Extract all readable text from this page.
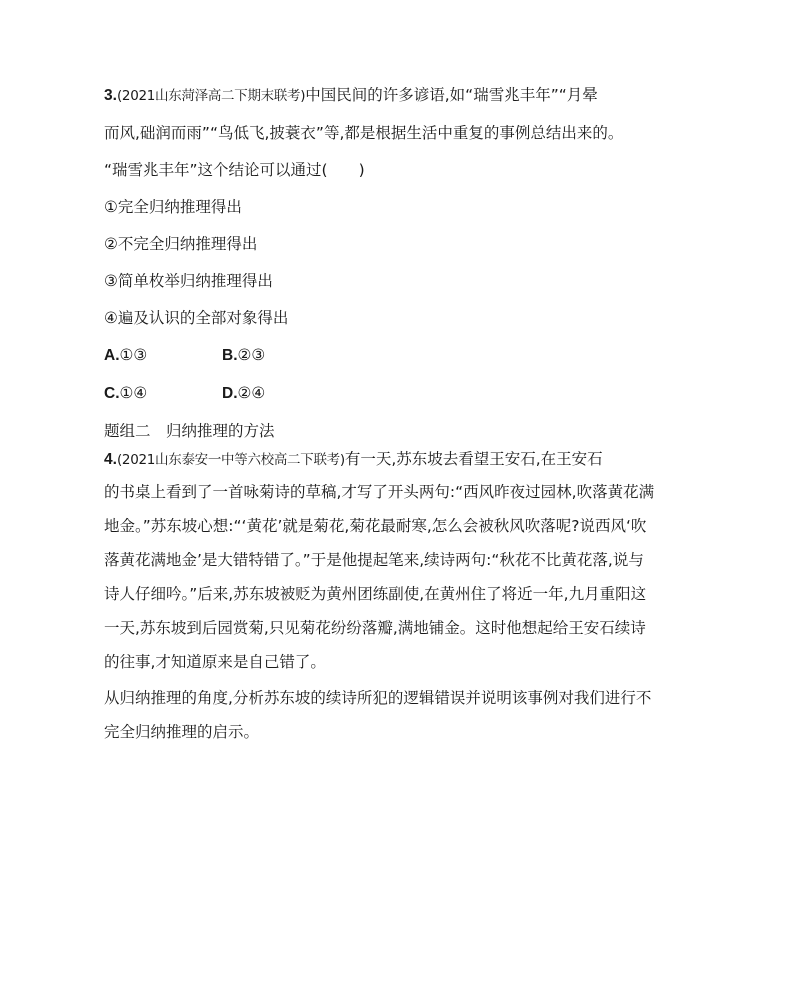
3.(2021山东菏泽高二下期末联考)中国民间的许多谚语,如“瑞雪兆丰年”“月晕

而风,础润而雨”“鸟低飞,披蓑衣”等,都是根据生活中重复的事例总结出来的。

“瑞雪兆丰年”这个结论可以通过(　　)

①完全归纳推理得出

②不完全归纳推理得出

③简单枚举归纳推理得出

④遍及认识的全部对象得出

A.①③	B.②③

C.①④	D.②④

题组二　归纳推理的方法

4.(2021山东泰安一中等六校高二下联考)有一天,苏东坡去看望王安石,在王安石

的书桌上看到了一首咏菊诗的草稿,才写了开头两句:“西风昨夜过园林,吹落黄花满

地金。”苏东坡心想:“‘黄花’就是菊花,菊花最耐寒,怎么会被秋风吹落呢?说西风‘吹

落黄花满地金’是大错特错了。”于是他提起笔来,续诗两句:“秋花不比黄花落,说与

诗人仔细吟。”后来,苏东坡被贬为黄州团练副使,在黄州住了将近一年,九月重阳这

一天,苏东坡到后园赏菊,只见菊花纷纷落瓣,满地铺金。这时他想起给王安石续诗

的往事,才知道原来是自己错了。

从归纳推理的角度,分析苏东坡的续诗所犯的逻辑错误并说明该事例对我们进行不

完全归纳推理的启示。
